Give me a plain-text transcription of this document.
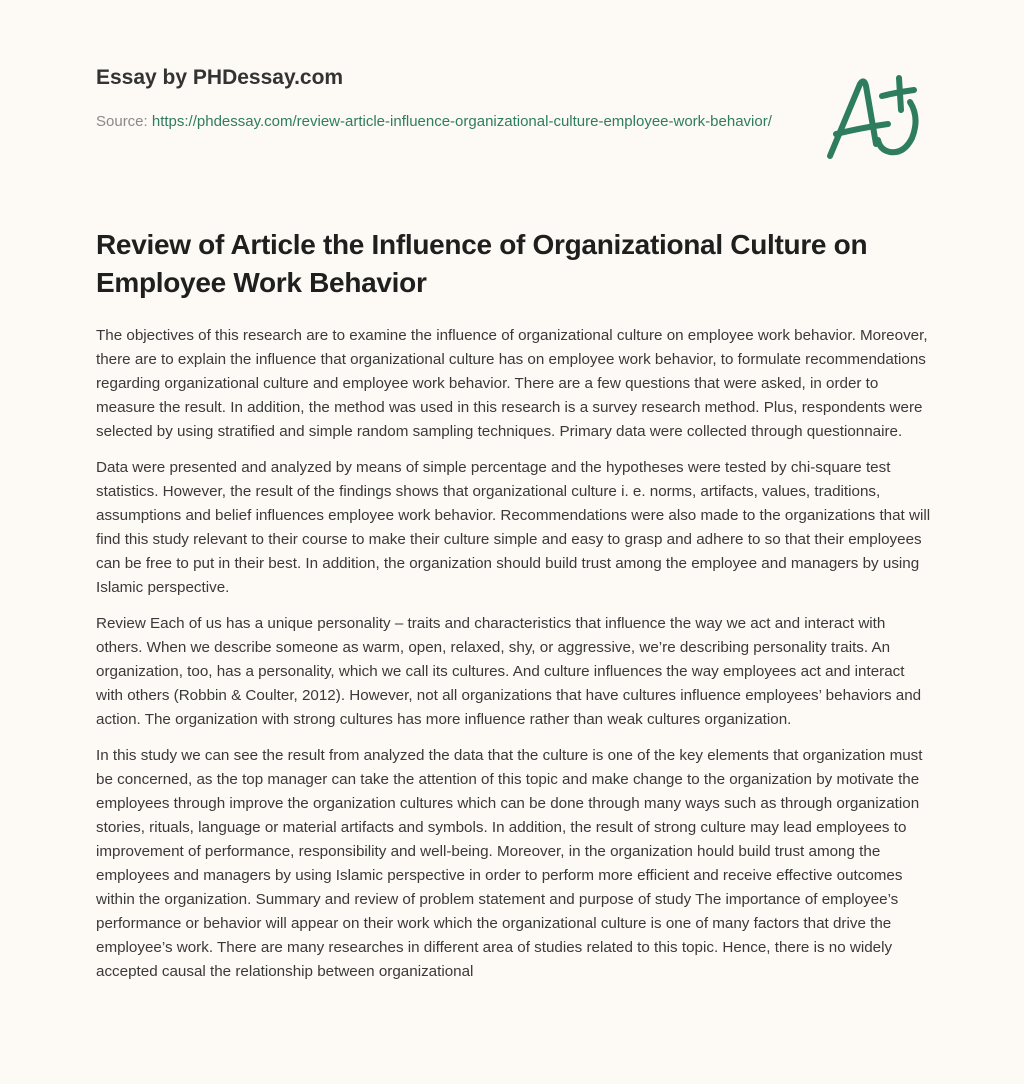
Essay by PHDessay.com
Source: https://phdessay.com/review-article-influence-organizational-culture-employee-work-behavior/
Review of Article the Influence of Organizational Culture on Employee Work Behavior

The objectives of this research are to examine the influence of organizational culture on employee work behavior. Moreover, there are to explain the influence that organizational culture has on employee work behavior, to formulate recommendations regarding organizational culture and employee work behavior. There are a few questions that were asked, in order to measure the result. In addition, the method was used in this research is a survey research method. Plus, respondents were selected by using stratified and simple random sampling techniques. Primary data were collected through questionnaire.

Data were presented and analyzed by means of simple percentage and the hypotheses were tested by chi-square test statistics. However, the result of the findings shows that organizational culture i. e. norms, artifacts, values, traditions, assumptions and belief influences employee work behavior. Recommendations were also made to the organizations that will find this study relevant to their course to make their culture simple and easy to grasp and adhere to so that their employees can be free to put in their best. In addition, the organization should build trust among the employee and managers by using Islamic perspective.

Review Each of us has a unique personality – traits and characteristics that influence the way we act and interact with others. When we describe someone as warm, open, relaxed, shy, or aggressive, we’re describing personality traits. An organization, too, has a personality, which we call its cultures. And culture influences the way employees act and interact with others (Robbin & Coulter, 2012). However, not all organizations that have cultures influence employees’ behaviors and action. The organization with strong cultures has more influence rather than weak cultures organization.

In this study we can see the result from analyzed the data that the culture is one of the key elements that organization must be concerned, as the top manager can take the attention of this topic and make change to the organization by motivate the employees through improve the organization cultures which can be done through many ways such as through organization stories, rituals, language or material artifacts and symbols. In addition, the result of strong culture may lead employees to improvement of performance, responsibility and well-being. Moreover, in the organization hould build trust among the employees and managers by using Islamic perspective in order to perform more efficient and receive effective outcomes within the organization. Summary and review of problem statement and purpose of study The importance of employee’s performance or behavior will appear on their work which the organizational culture is one of many factors that drive the employee’s work. There are many researches in different area of studies related to this topic. Hence, there is no widely accepted causal the relationship between organizational
